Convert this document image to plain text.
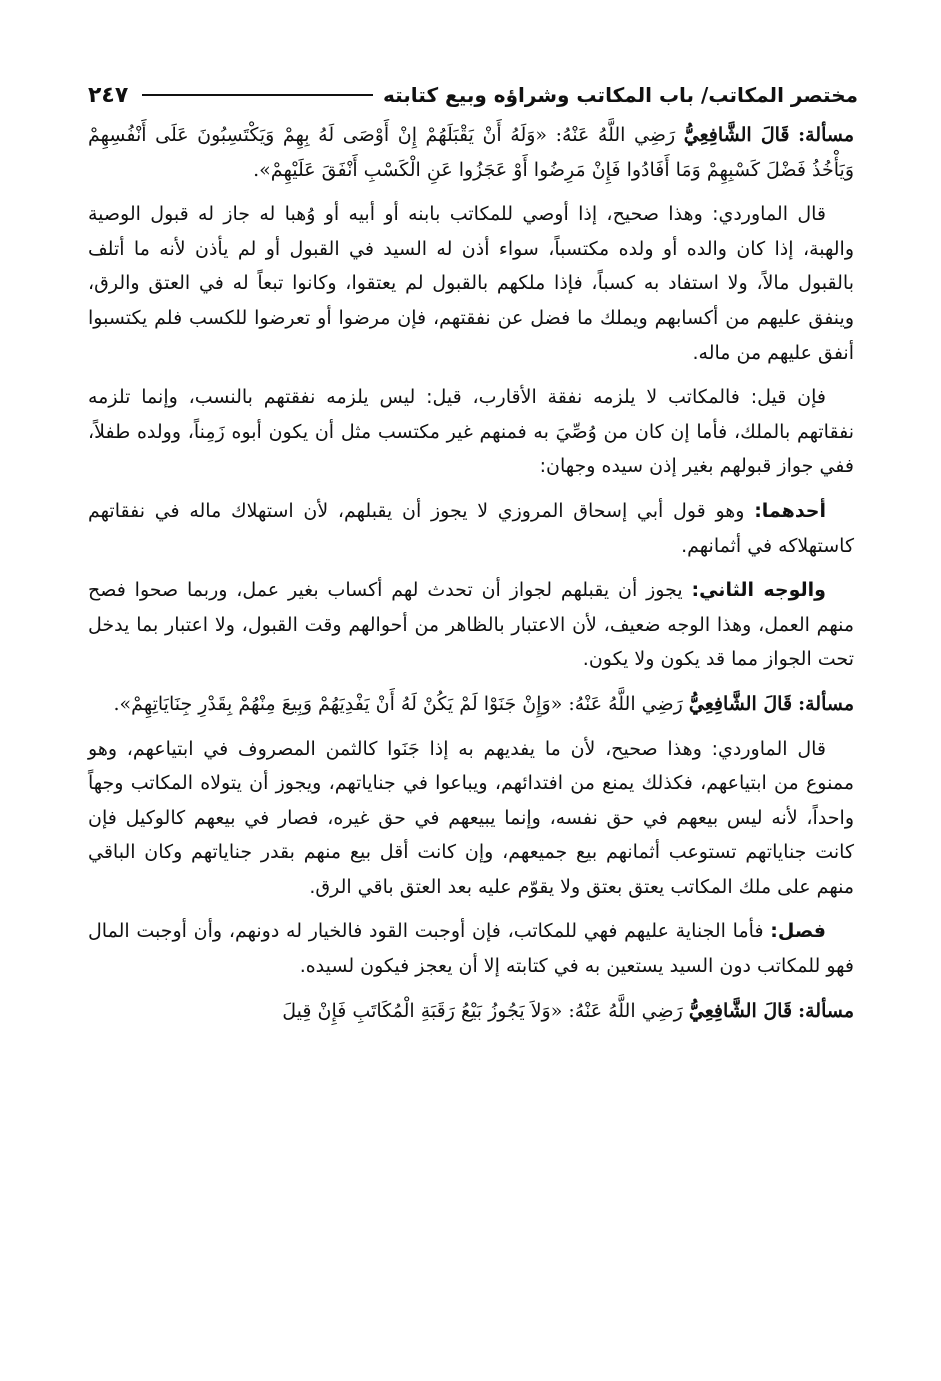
مختصر المكاتب/ باب المكاتب وشراؤه وبيع كتابته
٢٤٧

مسألة: قَالَ الشَّافِعِيُّ رَضِي اللَّهُ عَنْهُ: «وَلَهُ أَنْ يَقْبَلَهُمْ إِنْ أَوْصَى لَهُ بِهِمْ وَيَكْتَسِبُونَ عَلَى أَنْفُسِهِمْ وَيَأْخُذُ فَضْلَ كَسْبِهِمْ وَمَا أَفَادُوا فَإِنْ مَرِضُوا أَوْ عَجَزُوا عَنِ الْكَسْبِ أَنْفَقَ عَلَيْهِمْ».

قال الماوردي: وهذا صحيح، إذا أوصي للمكاتب بابنه أو أبيه أو وُهبا له جاز له قبول الوصية والهبة، إذا كان والده أو ولده مكتسباً، سواء أذن له السيد في القبول أو لم يأذن لأنه ما أتلف بالقبول مالاً، ولا استفاد به كسباً، فإذا ملكهم بالقبول لم يعتقوا، وكانوا تبعاً له في العتق والرق، وينفق عليهم من أكسابهم ويملك ما فضل عن نفقتهم، فإن مرضوا أو تعرضوا للكسب فلم يكتسبوا أنفق عليهم من ماله.

فإن قيل: فالمكاتب لا يلزمه نفقة الأقارب، قيل: ليس يلزمه نفقتهم بالنسب، وإنما تلزمه نفقاتهم بالملك، فأما إن كان من وُصِّيَ به فمنهم غير مكتسب مثل أن يكون أبوه زَمِناً، وولده طفلاً، ففي جواز قبولهم بغير إذن سيده وجهان:

أحدهما: وهو قول أبي إسحاق المروزي لا يجوز أن يقبلهم، لأن استهلاك ماله في نفقاتهم كاستهلاكه في أثمانهم.

والوجه الثاني: يجوز أن يقبلهم لجواز أن تحدث لهم أكساب بغير عمل، وربما صحوا فصح منهم العمل، وهذا الوجه ضعيف، لأن الاعتبار بالظاهر من أحوالهم وقت القبول، ولا اعتبار بما يدخل تحت الجواز مما قد يكون ولا يكون.

مسألة: قَالَ الشَّافِعِيُّ رَضِي اللَّهُ عَنْهُ: «وَإِنْ جَنَوْا لَمْ يَكُنْ لَهُ أَنْ يَفْدِيَهُمْ وَبِيعَ مِنْهُمْ بِقَدْرِ جِنَايَاتِهِمْ».

قال الماوردي: وهذا صحيح، لأن ما يفديهم به إذا جَنَوا كالثمن المصروف في ابتياعهم، وهو ممنوع من ابتياعهم، فكذلك يمنع من افتدائهم، ويباعوا في جناياتهم، ويجوز أن يتولاه المكاتب وجهاً واحداً، لأنه ليس بيعهم في حق نفسه، وإنما يبيعهم في حق غيره، فصار في بيعهم كالوكيل فإن كانت جناياتهم تستوعب أثمانهم بيع جميعهم، وإن كانت أقل بيع منهم بقدر جناياتهم وكان الباقي منهم على ملك المكاتب يعتق بعتق ولا يقوّم عليه بعد العتق باقي الرق.

فصل: فأما الجناية عليهم فهي للمكاتب، فإن أوجبت القود فالخيار له دونهم، وأن أوجبت المال فهو للمكاتب دون السيد يستعين به في كتابته إلا أن يعجز فيكون لسيده.

مسألة: قَالَ الشَّافِعِيُّ رَضِي اللَّهُ عَنْهُ: «وَلاَ يَجُوزُ بَيْعُ رَقَبَةِ الْمُكَاتَبِ فَإِنْ قِيلَ
